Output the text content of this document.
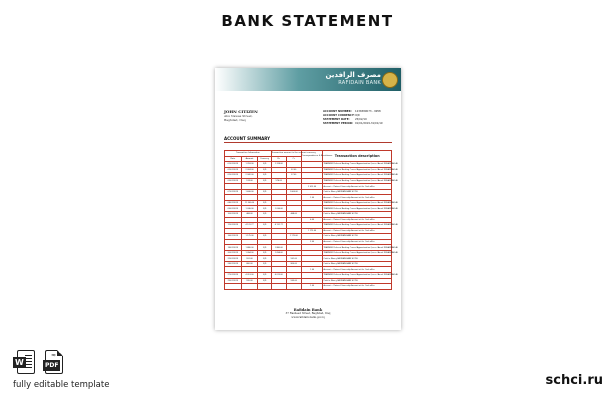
BANK STATEMENT
مصرف الرافدين
RAFIDAIN BANK
JOHN CITIZEN
Abu Nawas Street,
Baghdad, Iraq
ACCOUNT NUMBER: 1236589073 - 9958
ACCOUNT CURRENCY:IQD
STATEMENT DATE: 25/02/19
STATEMENT PERIOD: 01/01/2019-31/01/19
ACCOUNT SUMMARY
Transaction Information			Transaction amount in the account currency		Correspondence & Remittance	Transaction description
Date	Amount	Currency	Dr	Cr		
01/01/2019	1 318.00	IQD	1 318.00			TRANSFER Deferred Banking Ceased Approximation Queen (Anna) MUHAMMAD ALI
02/01/2019	2 024.00	IQD		52.00		TRANSFER Deferred Banking Ceased Approximation Queen (Anna) MUHAMMAD ALI
02/01/2019	2 342.00	IQD		37.00		TRANSFER Deferred Banking Ceased Approximation Queen (Anna) MUHAMMAD ALI
03/01/2019	574.00	IQD	574.00			TRANSFER Deferred Banking Ceased Approximation Queen (Anna) MUHAMMAD ALI
					2 015.00	Account -- Claimed Ownership Account at the Cash office
07/01/2019	1 606.00	IQD		1 606.00		Cash to Money RAFIDAIN BANK HOTEL
					1.00	Account -- Claimed Ownership Account at the Cash office
08/01/2019	11 300.00	IQD				TRANSFER Deferred Banking Ceased Approximation Queen (Anna) MUHAMMAD ALI
09/01/2019	1 036.00	IQD	1 036.00			TRANSFER Deferred Banking Ceased Approximation Queen (Anna) MUHAMMAD ALI
10/01/2019	468.00	IQD		468.00		Cash to Money RAFIDAIN BANK HOTEL
					6.00	Account -- Claimed Ownership Account at the Cash office
12/01/2019	4 131.77	IQD	4 131.77			TRANSFER Deferred Banking Ceased Approximation Queen (Anna) MUHAMMAD ALI
					1 175.00	Account -- Claimed Ownership Account at the Cash office
16/01/2019	1 175.00	IQD		1 175.00		Cash to Money RAFIDAIN BANK HOTEL
					2.00	Account -- Claimed Ownership Account at the Cash office
18/01/2019	1 880.00	IQD	1 880.00			TRANSFER Deferred Banking Ceased Approximation Queen (Anna) MUHAMMAD ALI
20/01/2019	1 094.00	IQD	1 094.00			TRANSFER Deferred Banking Ceased Approximation Queen (Anna) MUHAMMAD ALI
22/01/2019	591.00	IQD		591.00		Cash to Money RAFIDAIN BANK HOTEL
24/01/2019	800.00	IQD		800.00		Cash to Money RAFIDAIN BANK HOTEL
					1.00	Account -- Claimed Ownership Account at the Cash office
27/01/2019	4 013.00	IQD	4 013.00			TRANSFER Deferred Banking Ceased Approximation Queen (Anna) MUHAMMAD ALI
29/01/2019	595.00	IQD		595.00		Cash to Money RAFIDAIN BANK HOTEL
					1.00	Account -- Claimed Ownership Account at the Cash office
Rafidain Bank
37 Rasheed Street, Baghdad, Iraq
www.rafidain-bank.gov.iq
W
≈
PDF
fully editable template	schci.ru
